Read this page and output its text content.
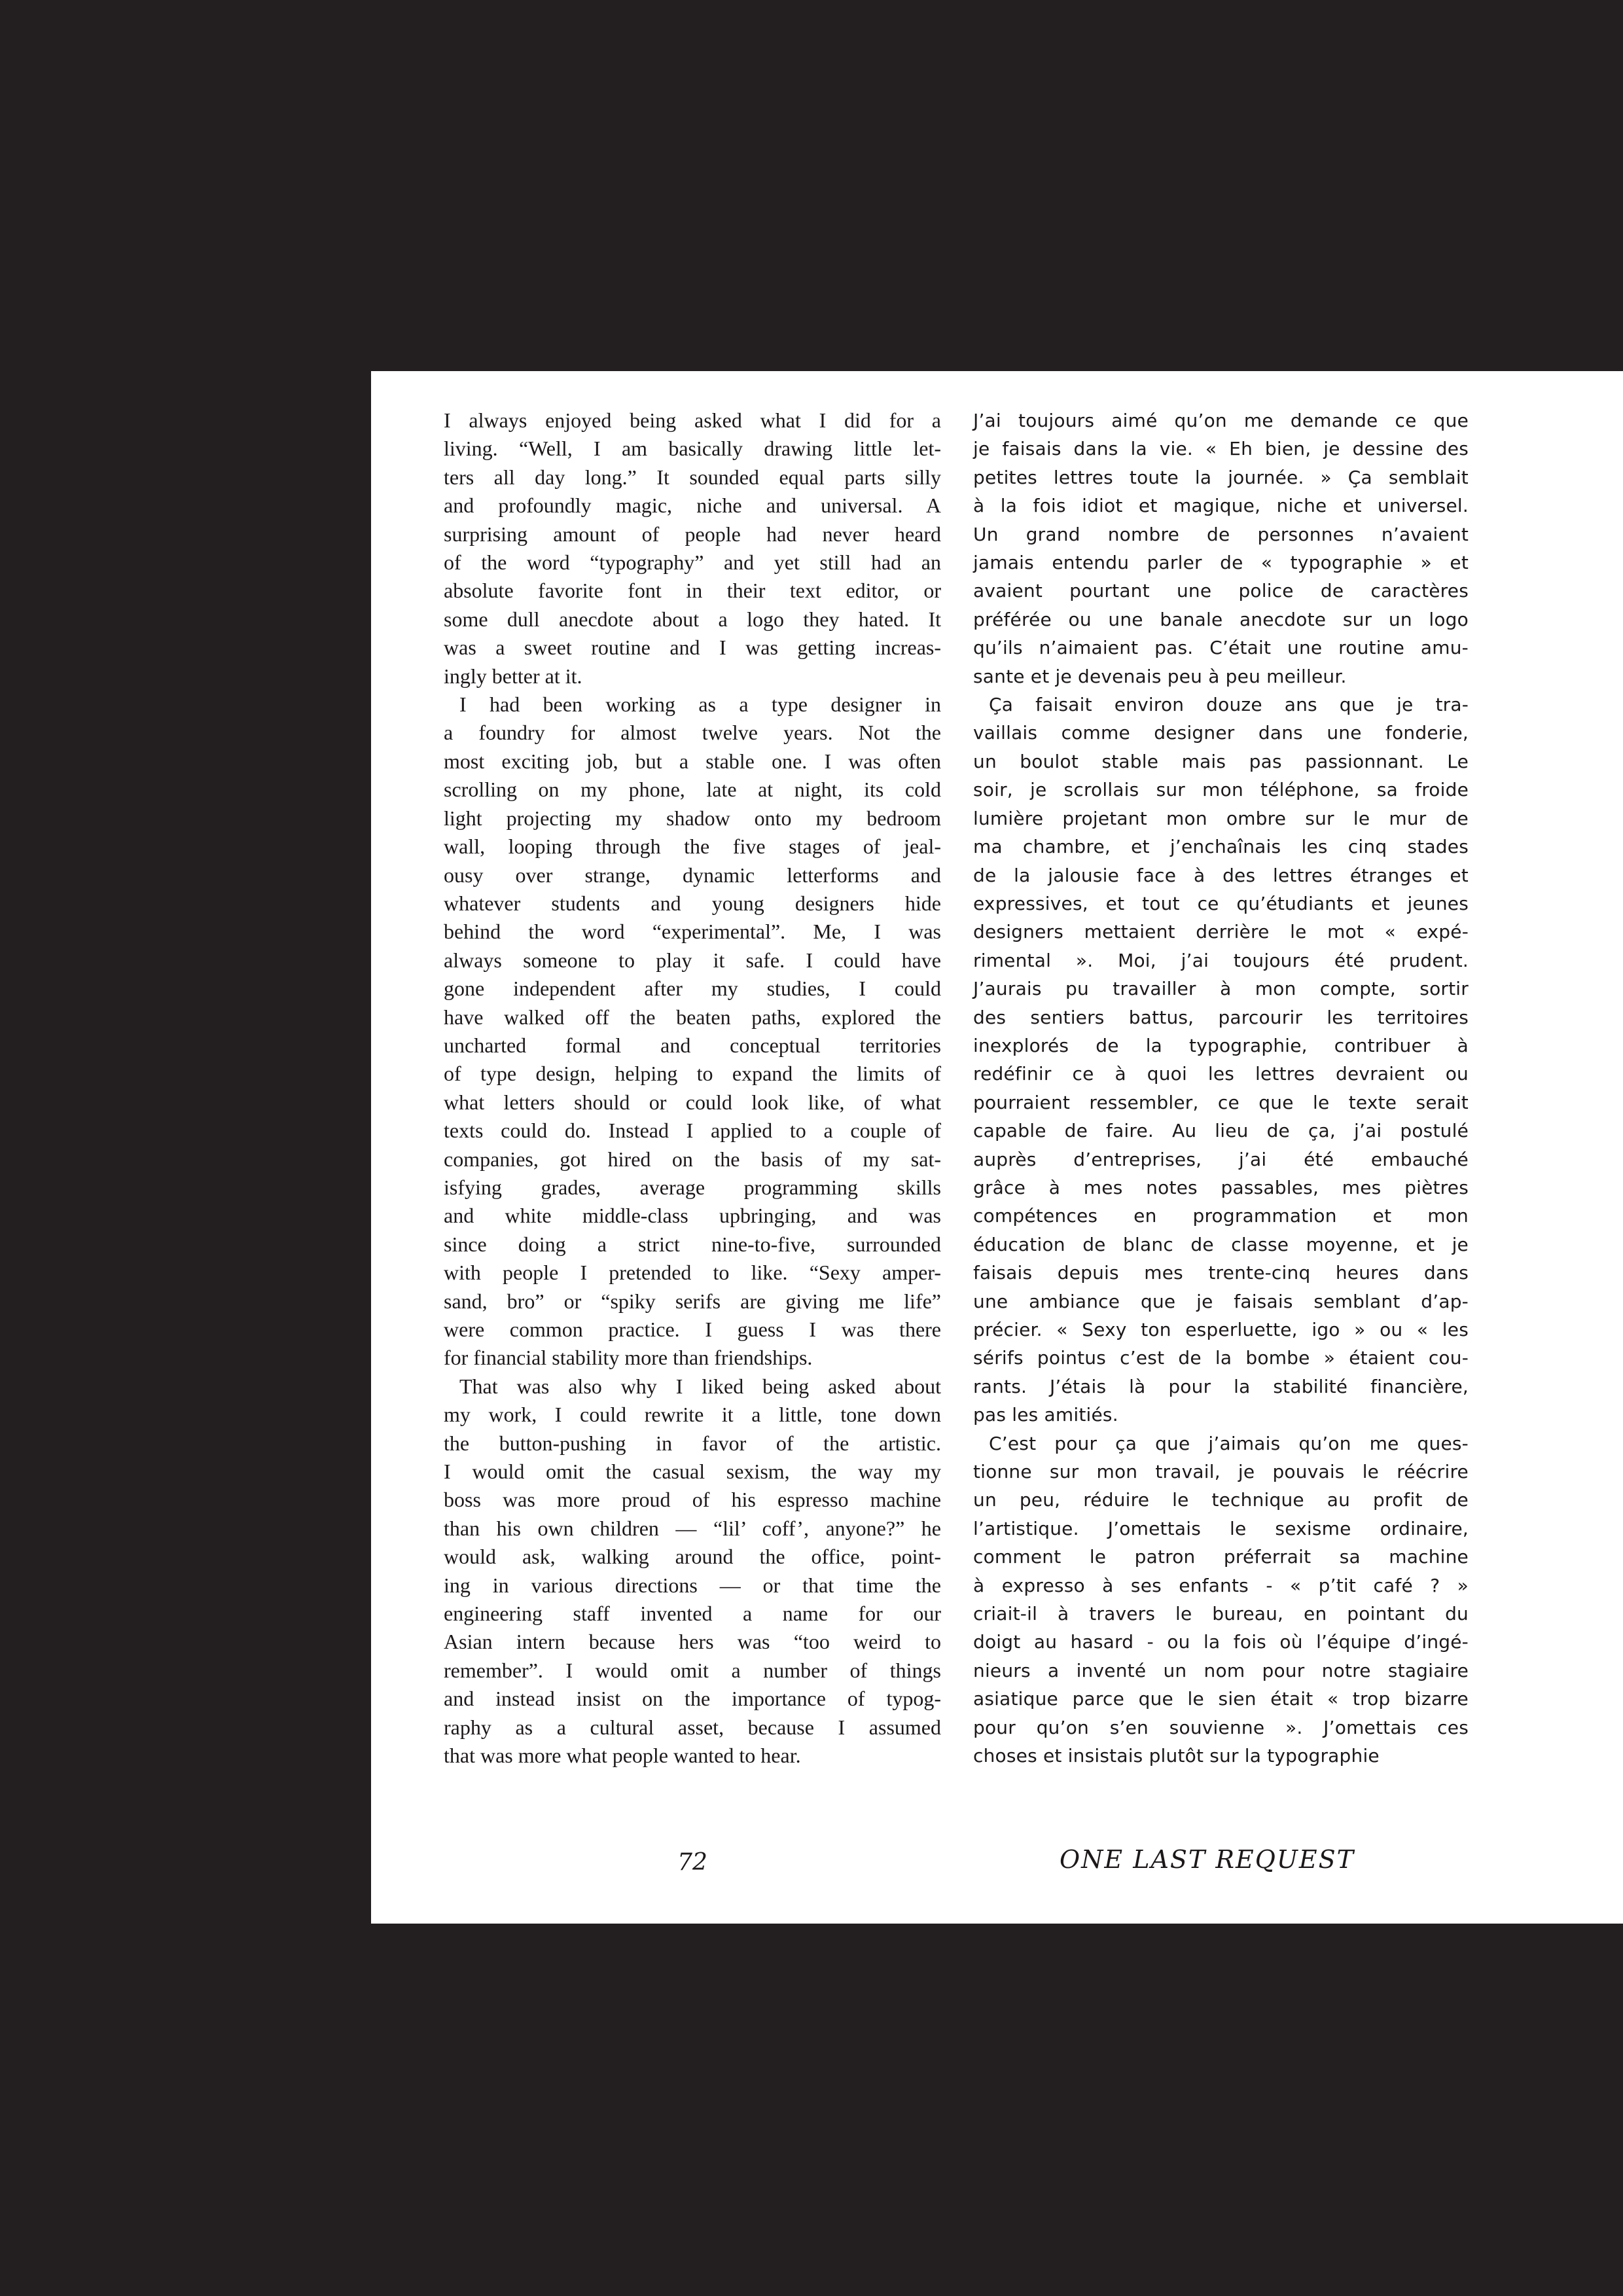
I always enjoyed being asked what I did for a
living. “Well, I am basically drawing little let-
ters all day long.” It sounded equal parts silly
and profoundly magic, niche and universal. A
surprising amount of people had never heard
of the word “typography” and yet still had an
absolute favorite font in their text editor, or
some dull anecdote about a logo they hated. It
was a sweet routine and I was getting increas-
ingly better at it.
I had been working as a type designer in
a foundry for almost twelve years. Not the
most exciting job, but a stable one. I was often
scrolling on my phone, late at night, its cold
light projecting my shadow onto my bedroom
wall, looping through the five stages of jeal-
ousy over strange, dynamic letterforms and
whatever students and young designers hide
behind the word “experimental”. Me, I was
always someone to play it safe. I could have
gone independent after my studies, I could
have walked off the beaten paths, explored the
uncharted formal and conceptual territories
of type design, helping to expand the limits of
what letters should or could look like, of what
texts could do. Instead I applied to a couple of
companies, got hired on the basis of my sat-
isfying grades, average programming skills
and white middle-class upbringing, and was
since doing a strict nine-to-five, surrounded
with people I pretended to like. “Sexy amper-
sand, bro” or “spiky serifs are giving me life”
were common practice. I guess I was there
for financial stability more than friendships.
That was also why I liked being asked about
my work, I could rewrite it a little, tone down
the button-pushing in favor of the artistic.
I would omit the casual sexism, the way my
boss was more proud of his espresso machine
than his own children — “lil’ coff’, anyone?” he
would ask, walking around the office, point-
ing in various directions — or that time the
engineering staff invented a name for our
Asian intern because hers was “too weird to
remember”. I would omit a number of things
and instead insist on the importance of typog-
raphy as a cultural asset, because I assumed
that was more what people wanted to hear.
J’ai toujours aimé qu’on me demande ce que
je faisais dans la vie. « Eh bien, je dessine des
petites lettres toute la journée. » Ça semblait
à la fois idiot et magique, niche et universel.
Un grand nombre de personnes n’avaient
jamais entendu parler de « typographie » et
avaient pourtant une police de caractères
préférée ou une banale anecdote sur un logo
qu’ils n’aimaient pas. C’était une routine amu-
sante et je devenais peu à peu meilleur.
Ça faisait environ douze ans que je tra-
vaillais comme designer dans une fonderie,
un boulot stable mais pas passionnant. Le
soir, je scrollais sur mon téléphone, sa froide
lumière projetant mon ombre sur le mur de
ma chambre, et j’enchaînais les cinq stades
de la jalousie face à des lettres étranges et
expressives, et tout ce qu’étudiants et jeunes
designers mettaient derrière le mot « expé-
rimental ». Moi, j’ai toujours été prudent.
J’aurais pu travailler à mon compte, sortir
des sentiers battus, parcourir les territoires
inexplorés de la typographie, contribuer à
redéfinir ce à quoi les lettres devraient ou
pourraient ressembler, ce que le texte serait
capable de faire. Au lieu de ça, j’ai postulé
auprès d’entreprises, j’ai été embauché
grâce à mes notes passables, mes piètres
compétences en programmation et mon
éducation de blanc de classe moyenne, et je
faisais depuis mes trente-cinq heures dans
une ambiance que je faisais semblant d’ap-
précier. « Sexy ton esperluette, igo » ou « les
sérifs pointus c’est de la bombe » étaient cou-
rants. J’étais là pour la stabilité financière,
pas les amitiés.
C’est pour ça que j’aimais qu’on me ques-
tionne sur mon travail, je pouvais le réécrire
un peu, réduire le technique au profit de
l’artistique. J’omettais le sexisme ordinaire,
comment le patron préferrait sa machine
à expresso à ses enfants - « p’tit café ? »
criait-il à travers le bureau, en pointant du
doigt au hasard - ou la fois où l’équipe d’ingé-
nieurs a inventé un nom pour notre stagiaire
asiatique parce que le sien était « trop bizarre
pour qu’on s’en souvienne ». J’omettais ces
choses et insistais plutôt sur la typographie
72	ONE LAST REQUEST
